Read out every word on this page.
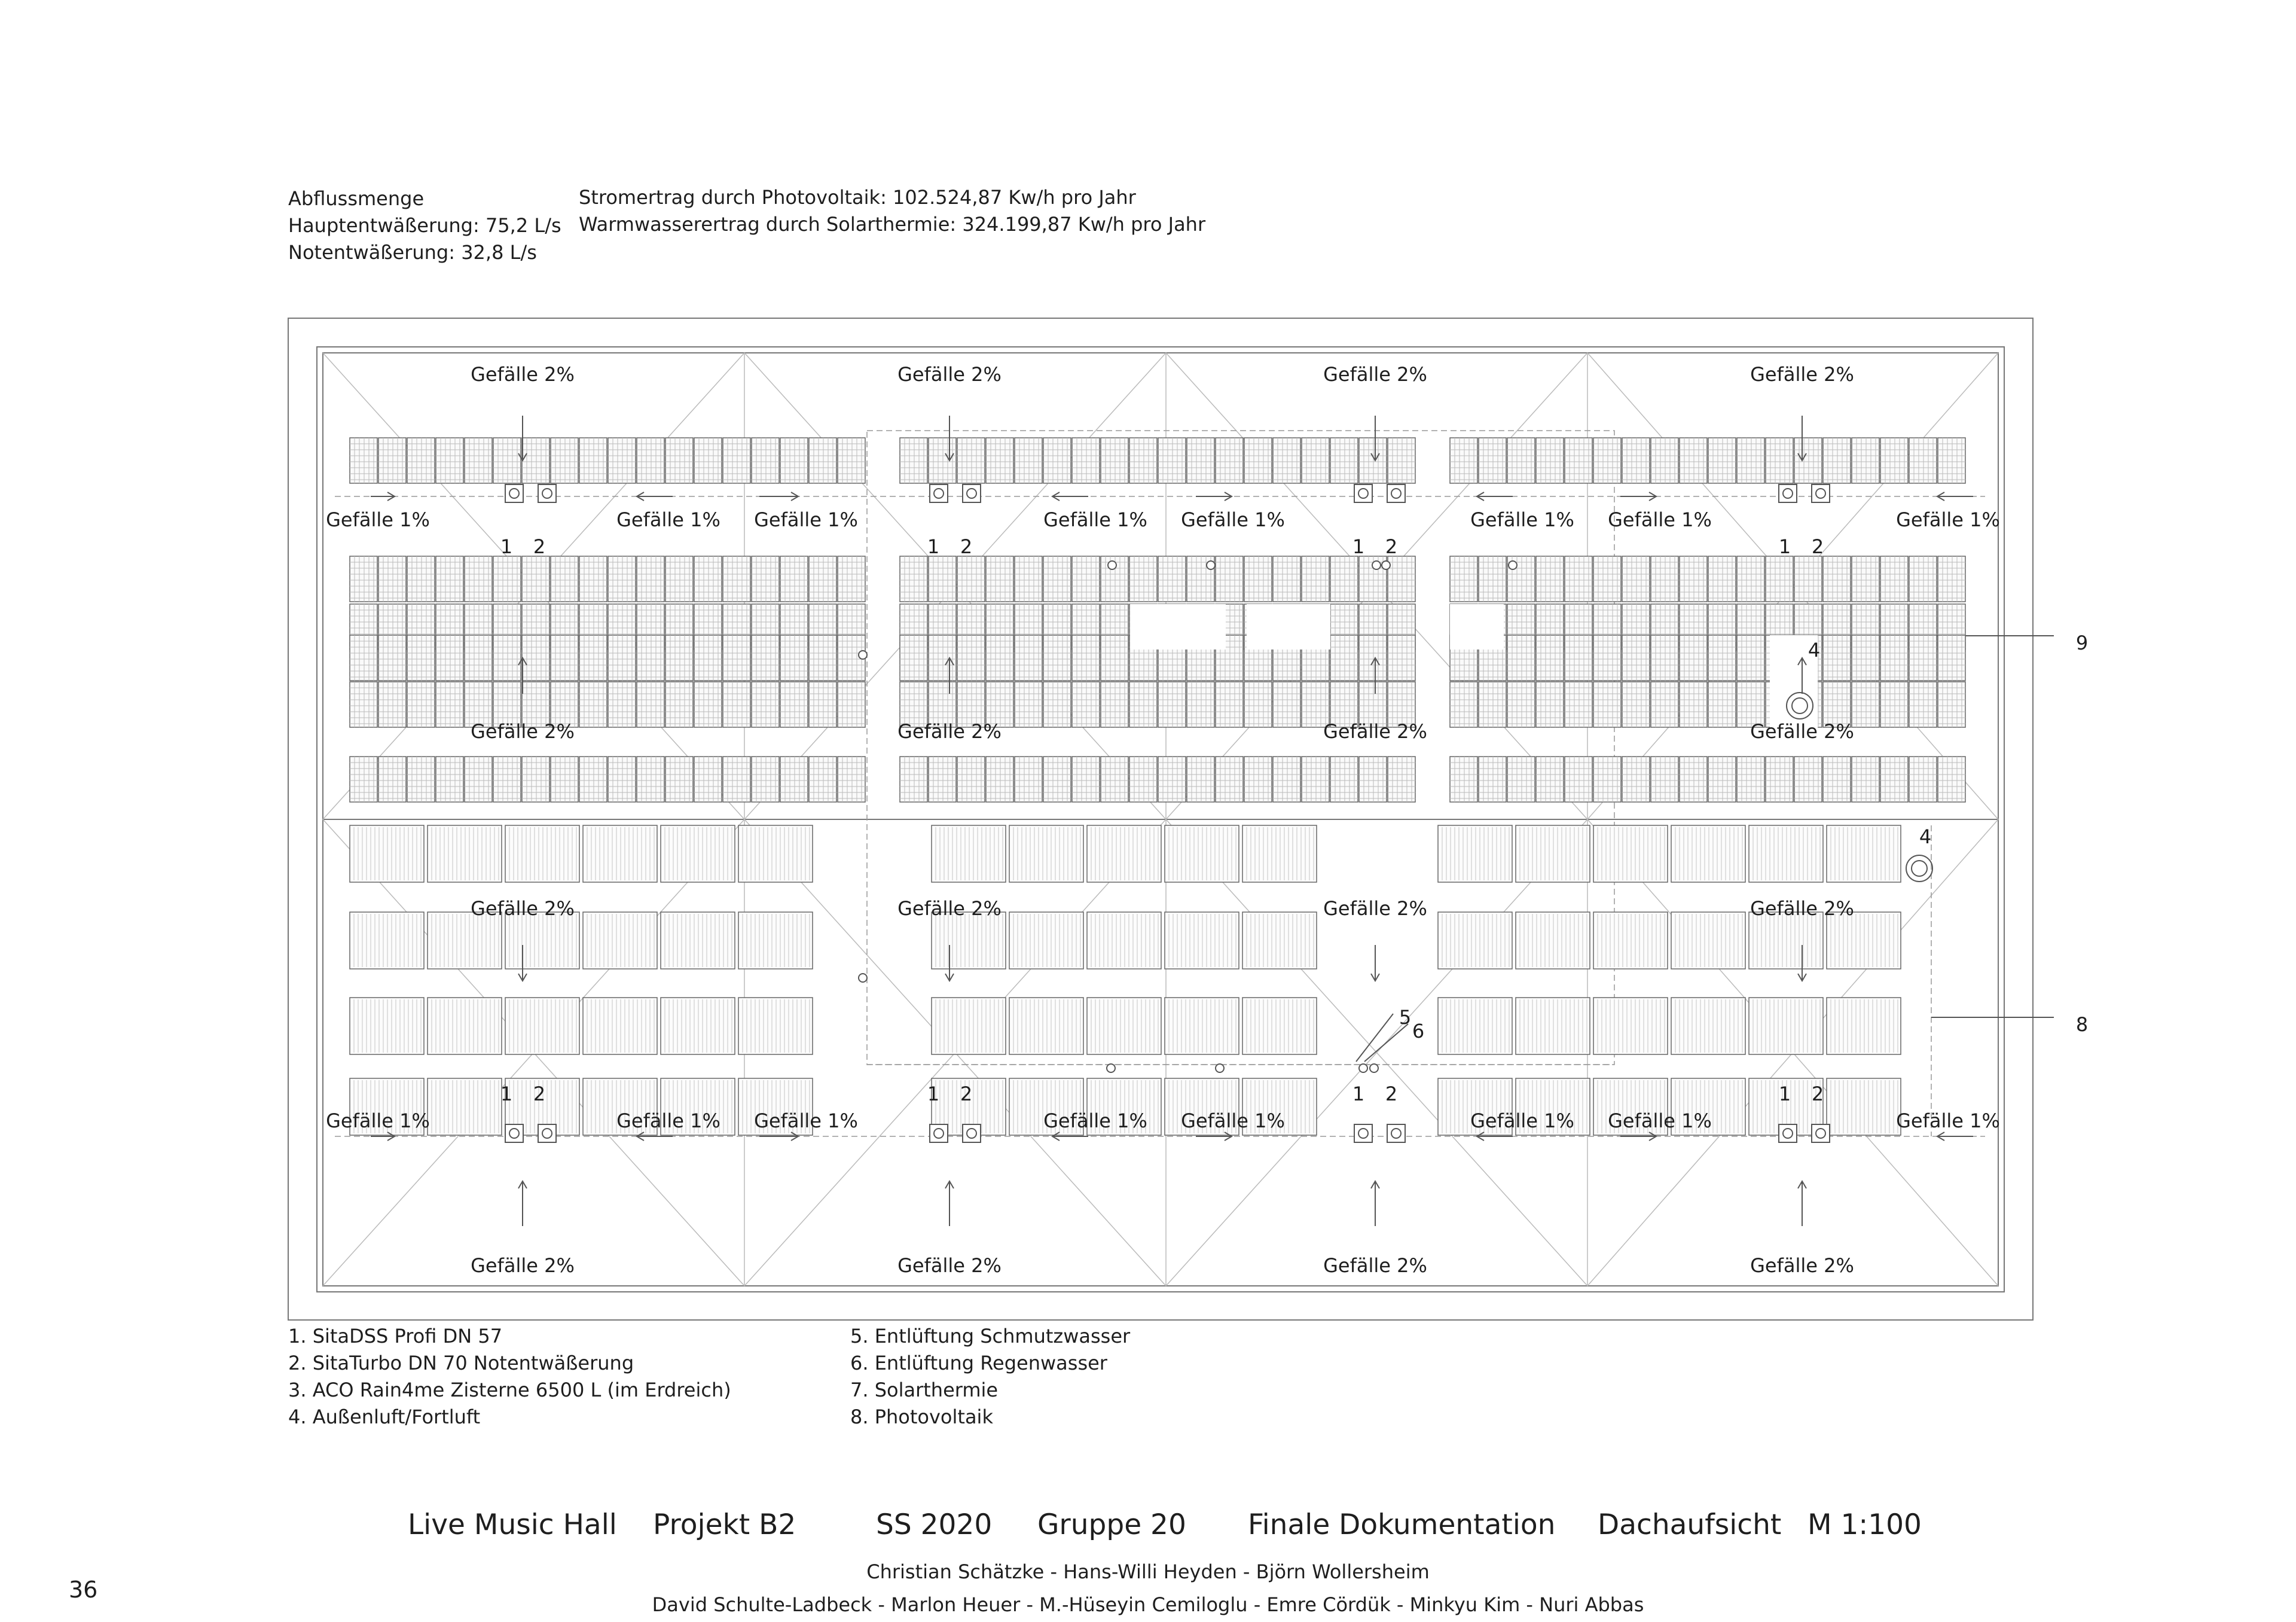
Abflussmenge
Hauptentwäßerung: 75,2 L/s
Notentwäßerung: 32,8 L/s
Stromertrag durch Photovoltaik: 102.524,87 Kw/h pro Jahr
Warmwasserertrag durch Solarthermie: 324.199,87 Kw/h pro Jahr
Gefälle 2%
Gefälle 2%
Gefälle 2%
Gefälle 2%
Gefälle 2%
Gefälle 2%
Gefälle 2%
Gefälle 2%
Gefälle 2%
Gefälle 2%
Gefälle 2%
Gefälle 2%
Gefälle 2%
Gefälle 2%
Gefälle 2%
Gefälle 2%
Gefälle 1%
Gefälle 1%
Gefälle 1%
Gefälle 1%
Gefälle 1%
Gefälle 1%
Gefälle 1%
Gefälle 1%
Gefälle 1%
Gefälle 1%
Gefälle 1%
Gefälle 1%
Gefälle 1%
Gefälle 1%
Gefälle 1%
Gefälle 1%
1 2
1 2
1 2
1 2
1 2
1 2
1 2
1 2
4
4
5
6
9
8
1. SitaDSS Profi DN 57
2. SitaTurbo DN 70 Notentwäßerung
3. ACO Rain4me Zisterne 6500 L (im Erdreich)
4. Außenluft/Fortluft
5. Entlüftung Schmutzwasser
6. Entlüftung Regenwasser
7. Solarthermie
8. Photovoltaik
Live Music Hall Projekt B2	SS 2020 Gruppe 20 Finale Dokumentation Dachaufsicht M 1:100
Christian Schätzke - Hans-Willi Heyden - Björn Wollersheim
David Schulte-Ladbeck - Marlon Heuer - M.-Hüseyin Cemiloglu - Emre Cördük - Minkyu Kim - Nuri Abbas
36
